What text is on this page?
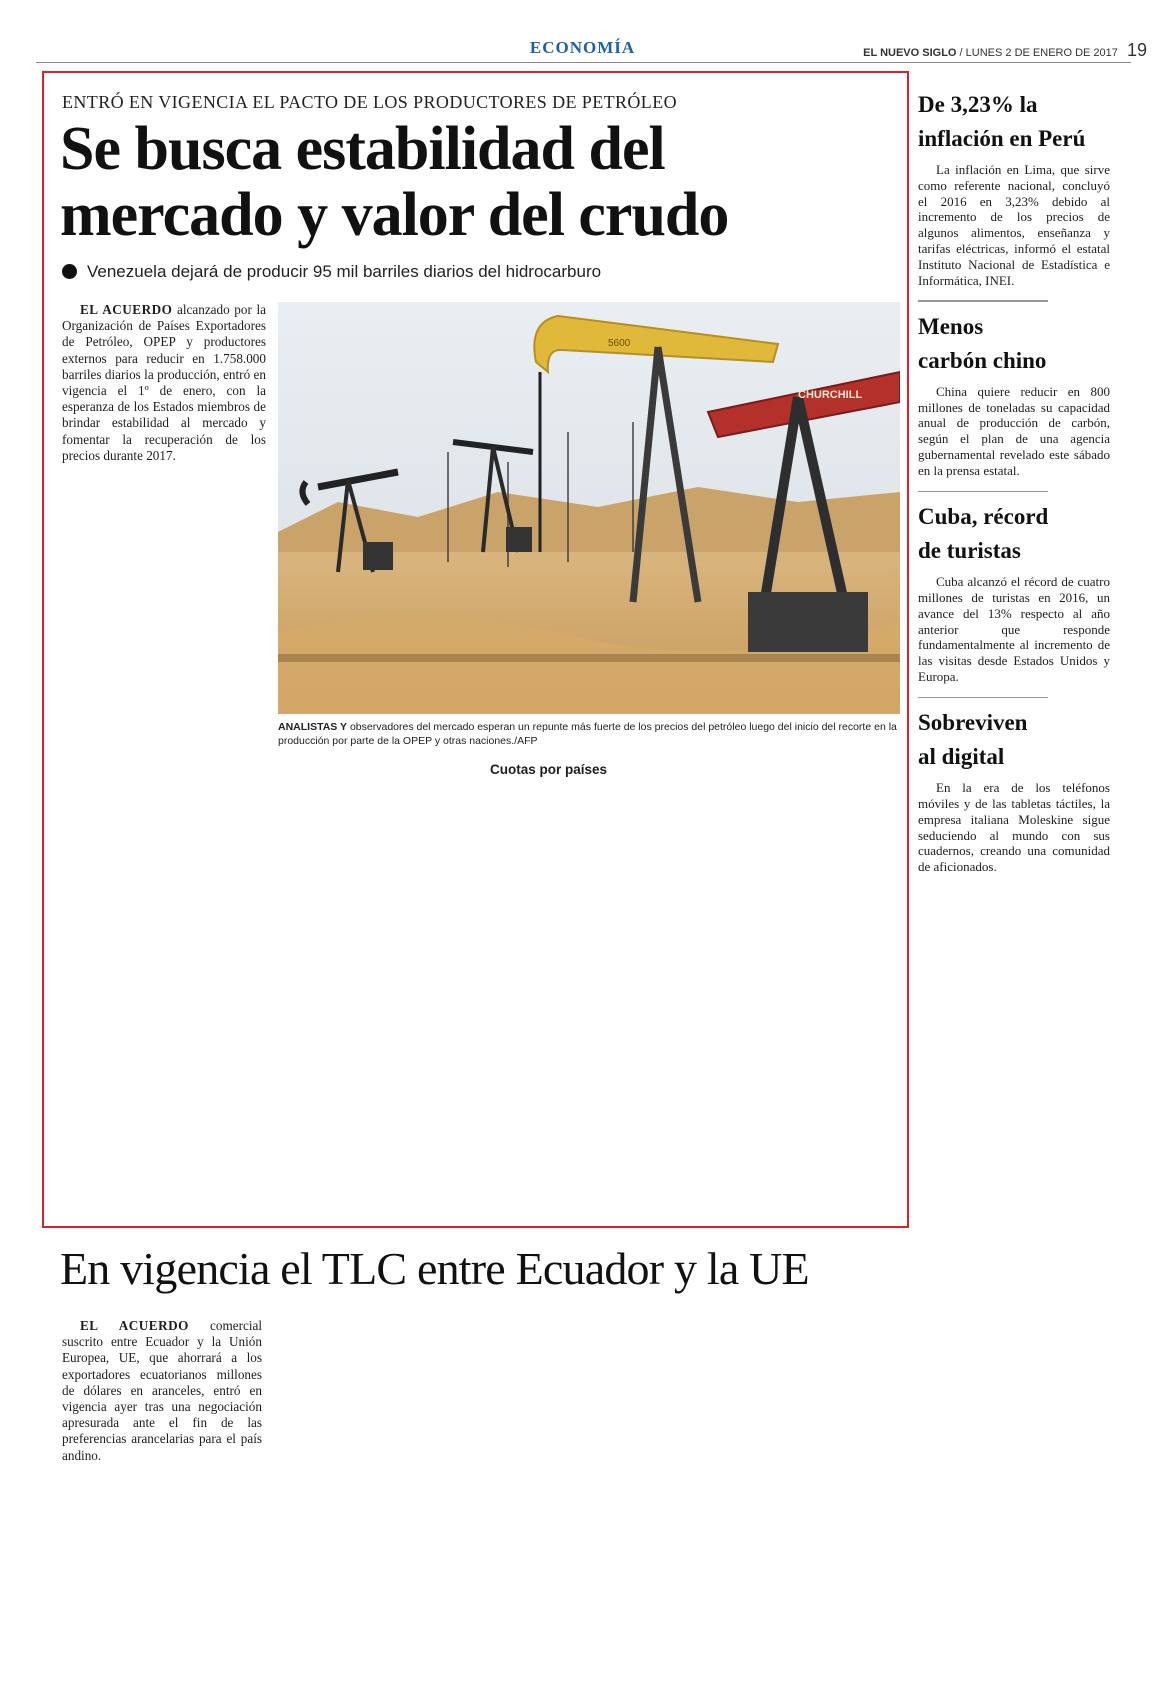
ECONOMÍA	EL NUEVO SIGLO / LUNES 2 DE ENERO DE 2017 19
ENTRÓ EN VIGENCIA EL PACTO DE LOS PRODUCTORES DE PETRÓLEO
Se busca estabilidad del
mercado y valor del crudo
Venezuela dejará de producir 95 mil barriles diarios del hidrocarburo
5600
CHURCHILL
ANALISTAS Y observadores del mercado esperan un repunte más fuerte de los precios del petróleo luego del inicio del recorte en la producción por parte de la OPEP y otras naciones./AFP

EL ACUERDO alcanzado por la Organización de Países Exportadores de Petróleo, OPEP y productores externos para reducir en 1.758.000 barriles diarios la producción, entró en vigencia el 1º de enero, con la esperanza de los Estados miembros de brindar estabilidad al mercado y fomentar la recuperación de los precios durante 2017.

Cuotas por países
De 3,23% la
inflación en Perú

La inflación en Lima, que sirve como referente nacional, concluyó el 2016 en 3,23% debido al incremento de los precios de algunos alimentos, enseñanza y tarifas eléctricas, informó el estatal Instituto Nacional de Estadística e Informática, INEI.

Menos
carbón chino

China quiere reducir en 800 millones de toneladas su capacidad anual de producción de carbón, según el plan de una agencia gubernamental revelado este sábado en la prensa estatal.

Cuba, récord
de turistas

Cuba alcanzó el récord de cuatro millones de turistas en 2016, un avance del 13% respecto al año anterior que responde fundamentalmente al incremento de las visitas desde Estados Unidos y Europa.

Sobreviven
al digital

En la era de los teléfonos móviles y de las tabletas táctiles, la empresa italiana Moleskine sigue seduciendo al mundo con sus cuadernos, creando una comunidad de aficionados.

En vigencia el TLC entre Ecuador y la UE

EL ACUERDO comercial suscrito entre Ecuador y la Unión Europea, UE, que ahorrará a los exportadores ecuatorianos millones de dólares en aranceles, entró en vigencia ayer tras una negociación apresurada ante el fin de las preferencias arancelarias para el país andino.
